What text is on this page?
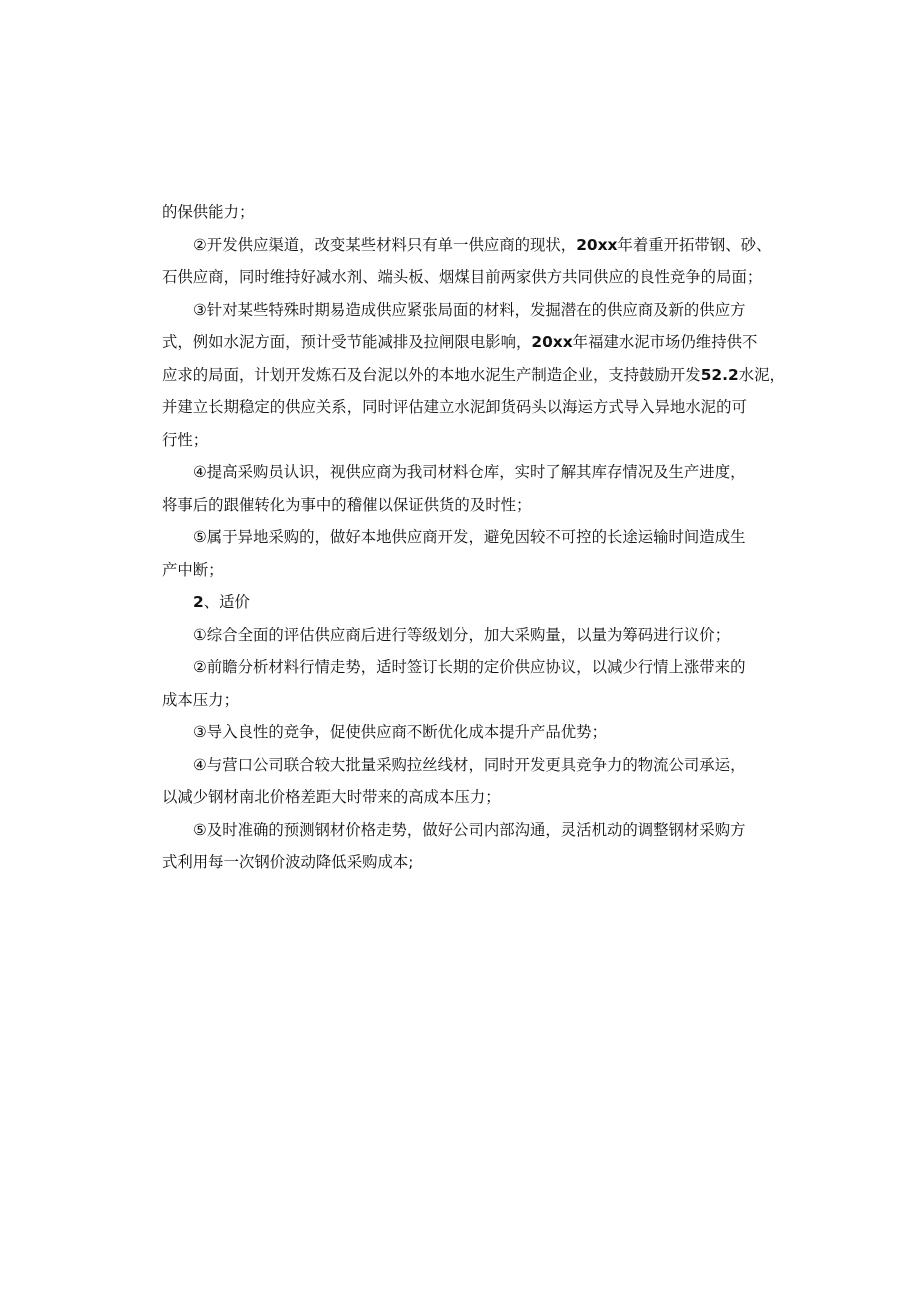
的保供能力；

②开发供应渠道，改变某些材料只有单一供应商的现状，20xx年着重开拓带钢、砂、
石供应商，同时维持好减水剂、端头板、烟煤目前两家供方共同供应的良性竞争的局面；

③针对某些特殊时期易造成供应紧张局面的材料，发掘潜在的供应商及新的供应方
式，例如水泥方面，预计受节能减排及拉闸限电影响，20xx年福建水泥市场仍维持供不
应求的局面，计划开发炼石及台泥以外的本地水泥生产制造企业，支持鼓励开发52.2水泥，
并建立长期稳定的供应关系，同时评估建立水泥卸货码头以海运方式导入异地水泥的可
行性；

④提高采购员认识，视供应商为我司材料仓库，实时了解其库存情况及生产进度，
将事后的跟催转化为事中的稽催以保证供货的及时性；

⑤属于异地采购的，做好本地供应商开发，避免因较不可控的长途运输时间造成生
产中断；

2、适价

①综合全面的评估供应商后进行等级划分，加大采购量，以量为筹码进行议价；

②前瞻分析材料行情走势，适时签订长期的定价供应协议，以减少行情上涨带来的
成本压力；

③导入良性的竞争，促使供应商不断优化成本提升产品优势；

④与营口公司联合较大批量采购拉丝线材，同时开发更具竞争力的物流公司承运，
以减少钢材南北价格差距大时带来的高成本压力；

⑤及时准确的预测钢材价格走势，做好公司内部沟通，灵活机动的调整钢材采购方
式利用每一次钢价波动降低采购成本;
